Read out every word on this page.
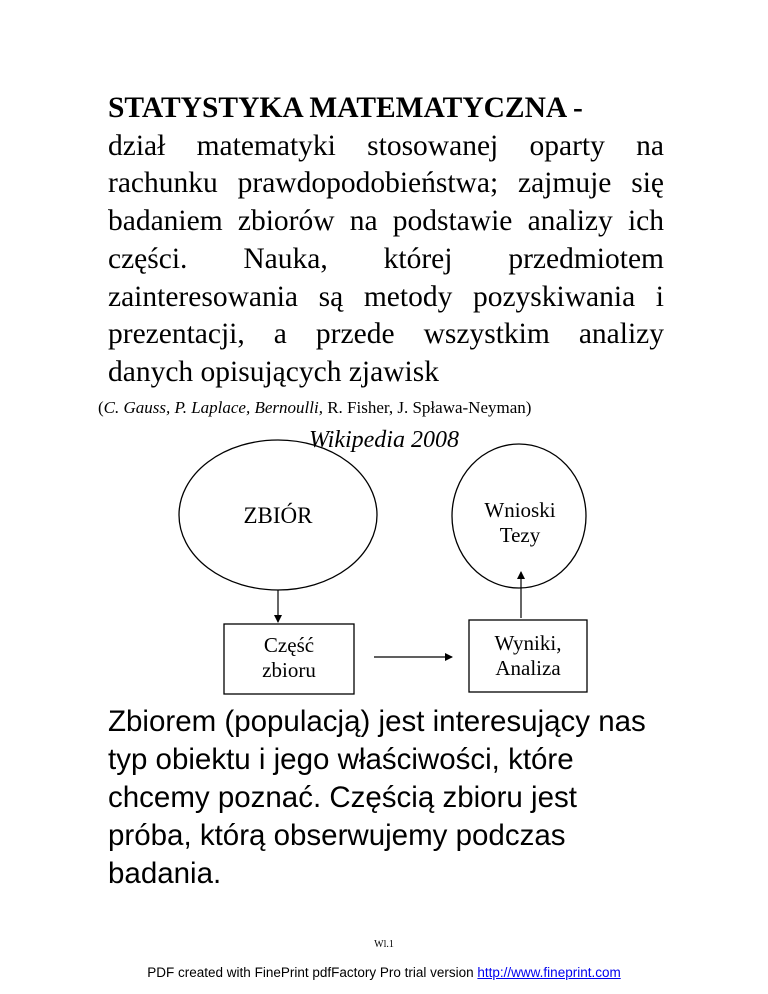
STATYSTYKA MATEMATYCZNA -
dział matematyki stosowanej oparty na rachunku prawdopodobieństwa; zajmuje się badaniem zbiorów na podstawie analizy ich części. Nauka, której przedmiotem zainteresowania są metody pozyskiwania i prezentacji, a przede wszystkim analizy danych opisujących zjawisk

(C. Gauss, P. Laplace, Bernoulli, R. Fisher, J. Spława-Neyman)

Wikipedia 2008

ZBIÓR	Wnioski
Tezy
Część
zbioru
Wyniki,
Analiza

Zbiorem (populacją) jest interesujący nas typ obiektu i jego właściwości, które chcemy poznać. Częścią zbioru jest próba, którą obserwujemy podczas badania.

Wl.1
PDF created with FinePrint pdfFactory Pro trial version http://www.fineprint.com
